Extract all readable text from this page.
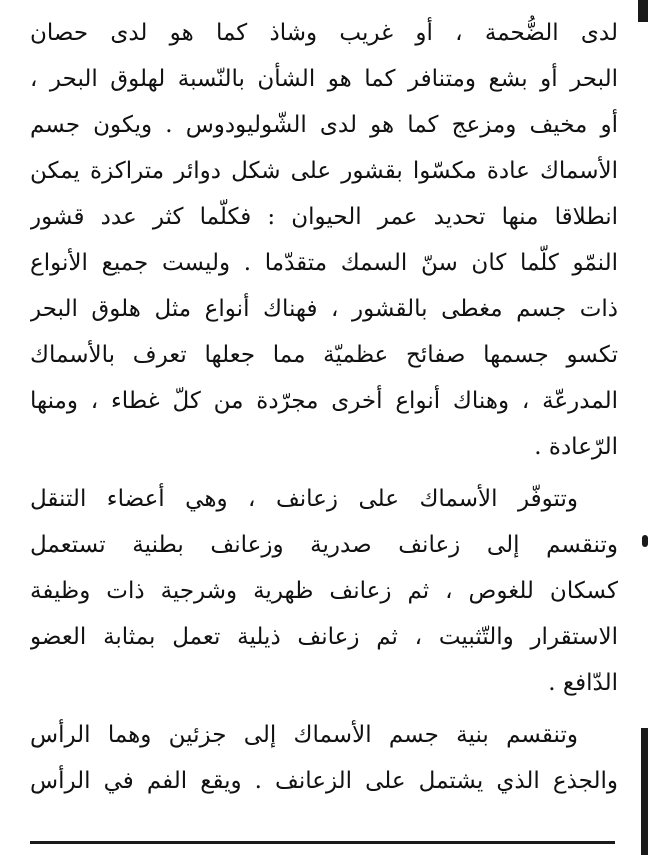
لدى الضُّحمة ، أو غريب وشاذ كما هو لدى حصان
البحر أو بشع ومتنافر كما هو الشأن بالنّسبة لهلوق البحر ،
أو مخيف ومزعج كما هو لدى الشّوليودوس . ويكون جسم
الأسماك عادة مكسّوا بقشور على شكل دوائر متراكزة يمكن
انطلاقا منها تحديد عمر الحيوان : فكلّما كثر عدد قشور
النمّو كلّما كان سنّ السمك متقدّما . وليست جميع الأنواع
ذات جسم مغطى بالقشور ، فهناك أنواع مثل هلوق البحر
تكسو جسمها صفائح عظميّة مما جعلها تعرف بالأسماك
المدرعّة ، وهناك أنواع أخرى مجرّدة من كلّ غطاء ، ومنها
الرّعادة .

وتتوفّر الأسماك على زعانف ، وهي أعضاء التنقل
وتنقسم إلى زعانف صدرية وزعانف بطنية تستعمل
كسكان للغوص ، ثم زعانف ظهرية وشرجية ذات وظيفة
الاستقرار والتّثبيت ، ثم زعانف ذيلية تعمل بمثابة العضو
الدّافع .

وتنقسم بنية جسم الأسماك إلى جزئين وهما الرأس
والجذع الذي يشتمل على الزعانف . ويقع الفم في الرأس
